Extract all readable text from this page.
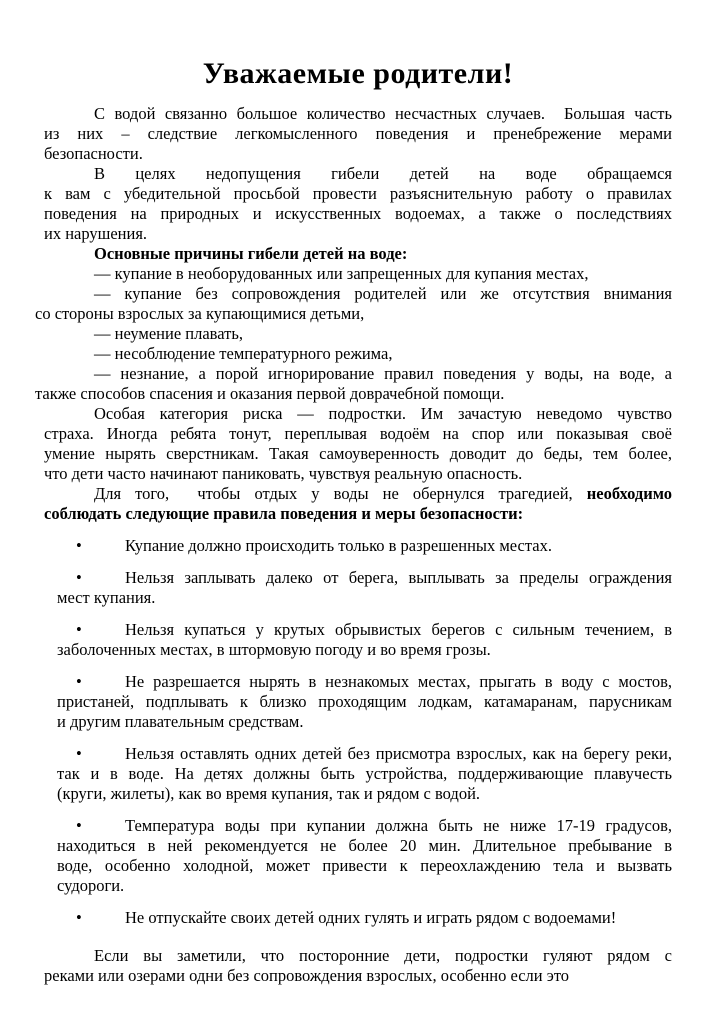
Уважаемые родители!
С водой связанно большое количество несчастных случаев.  Большая часть
из них – следствие легкомысленного поведения и пренебрежение мерами
безопасности.
В целях недопущения гибели детей на воде обращаемся
к вам с убедительной просьбой провести разъяснительную работу о правилах
поведения на природных и искусственных водоемах, а также о последствиях
их нарушения.
Основные причины гибели детей на воде:
— купание в необорудованных или запрещенных для купания местах,
— купание без сопровождения родителей или же отсутствия внимания
со стороны взрослых за купающимися детьми,
— неумение плавать,
— несоблюдение температурного режима,
— незнание, а порой игнорирование правил поведения у воды, на воде, а
также способов спасения и оказания первой доврачебной помощи.
Особая категория риска — подростки. Им зачастую неведомо чувство
страха. Иногда ребята тонут, переплывая водоём на спор или показывая своё
умение нырять сверстникам. Такая самоуверенность доводит до беды, тем более,
что дети часто начинают паниковать, чувствуя реальную опасность.
Для того,  чтобы отдых у воды не обернулся трагедией, необходимо
соблюдать следующие правила поведения и меры безопасности:
•	Купание должно происходить только в разрешенных местах.
•	Нельзя заплывать далеко от берега, выплывать за пределы ограждения
мест купания.
•	Нельзя купаться у крутых обрывистых берегов с сильным течением, в
заболоченных местах, в штормовую погоду и во время грозы.
•	Не разрешается нырять в незнакомых местах, прыгать в воду с мостов,
пристаней, подплывать к близко проходящим лодкам, катамаранам, парусникам
и другим плавательным средствам.
•	Нельзя оставлять одних детей без присмотра взрослых, как на берегу реки,
так и в воде. На детях должны быть устройства, поддерживающие плавучесть
(круги, жилеты), как во время купания, так и рядом с водой.
•	Температура воды при купании должна быть не ниже 17-19 градусов,
находиться в ней рекомендуется не более 20 мин. Длительное пребывание в
воде, особенно холодной, может привести к переохлаждению тела и вызвать
судороги.
•	Не отпускайте своих детей одних гулять и играть рядом с водоемами!
Если вы заметили, что посторонние дети, подростки гуляют рядом с
реками или озерами одни без сопровождения взрослых, особенно если это
